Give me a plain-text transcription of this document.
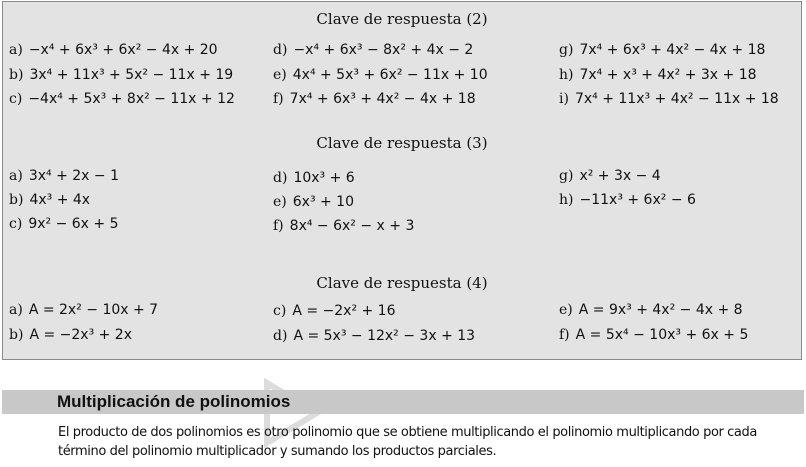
Clave de respuesta (2)
a) −x⁴ + 6x³ + 6x² − 4x + 20
b) 3x⁴ + 11x³ + 5x² − 11x + 19
c) −4x⁴ + 5x³ + 8x² − 11x + 12
d) −x⁴ + 6x³ − 8x² + 4x − 2
e) 4x⁴ + 5x³ + 6x² − 11x + 10
f) 7x⁴ + 6x³ + 4x² − 4x + 18
g) 7x⁴ + 6x³ + 4x² − 4x + 18
h) 7x⁴ + x³ + 4x² + 3x + 18
i) 7x⁴ + 11x³ + 4x² − 11x + 18
Clave de respuesta (3)
a) 3x⁴ + 2x − 1
b) 4x³ + 4x
c) 9x² − 6x + 5
d) 10x³ + 6
e) 6x³ + 10
f) 8x⁴ − 6x² − x + 3
g) x² + 3x − 4
h) −11x³ + 6x² − 6
Clave de respuesta (4)
a) A = 2x² − 10x + 7
b) A = −2x³ + 2x
c) A = −2x² + 16
d) A = 5x³ − 12x² − 3x + 13
e) A = 9x³ + 4x² − 4x + 8
f) A = 5x⁴ − 10x³ + 6x + 5
Multiplicación de polinomios
El producto de dos polinomios es otro polinomio que se obtiene multiplicando el polinomio multiplicando por cada término del polinomio multiplicador y sumando los productos parciales.
